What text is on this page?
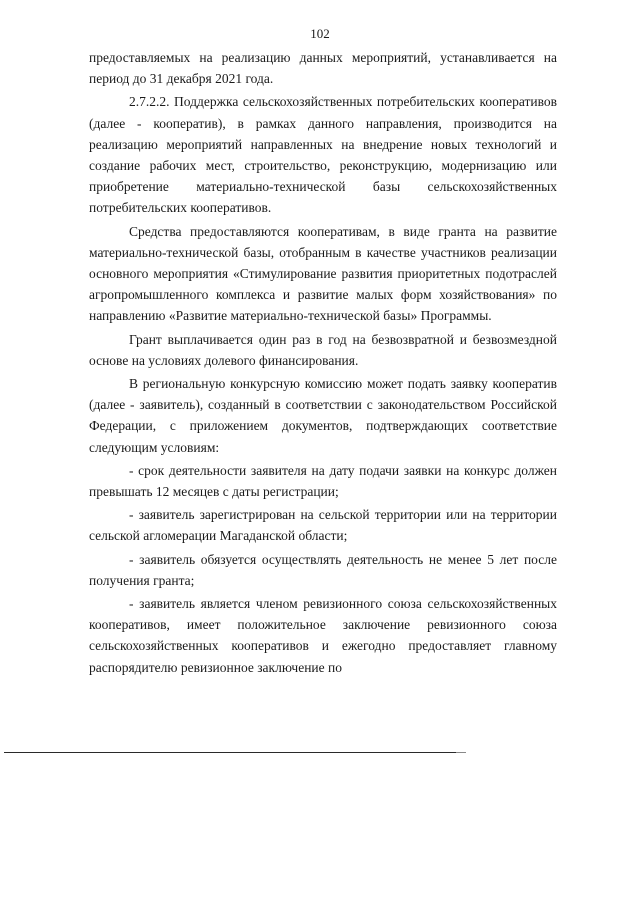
102

предоставляемых на реализацию данных мероприятий, устанавливается на период до 31 декабря 2021 года.

2.7.2.2. Поддержка сельскохозяйственных потребительских кооперативов (далее - кооператив), в рамках данного направления, производится на реализацию мероприятий направленных на внедрение новых технологий и создание рабочих мест, строительство, реконструкцию, модернизацию или приобретение материально-технической базы сельскохозяйственных потребительских кооперативов.

Средства предоставляются кооперативам, в виде гранта на развитие материально-технической базы, отобранным в качестве участников реализации основного мероприятия «Стимулирование развития приоритетных подотраслей агропромышленного комплекса и развитие малых форм хозяйствования» по направлению «Развитие материально-технической базы» Программы.

Грант выплачивается один раз в год на безвозвратной и безвозмездной основе на условиях долевого финансирования.

В региональную конкурсную комиссию может подать заявку кооператив (далее - заявитель), созданный в соответствии с законодательством Российской Федерации, с приложением документов, подтверждающих соответствие следующим условиям:

- срок деятельности заявителя на дату подачи заявки на конкурс должен превышать 12 месяцев с даты регистрации;

- заявитель зарегистрирован на сельской территории или на территории сельской агломерации Магаданской области;

- заявитель обязуется осуществлять деятельность не менее 5 лет после получения гранта;

- заявитель является членом ревизионного союза сельскохозяйственных кооперативов, имеет положительное заключение ревизионного союза сельскохозяйственных кооперативов и ежегодно предоставляет главному распорядителю ревизионное заключение по
